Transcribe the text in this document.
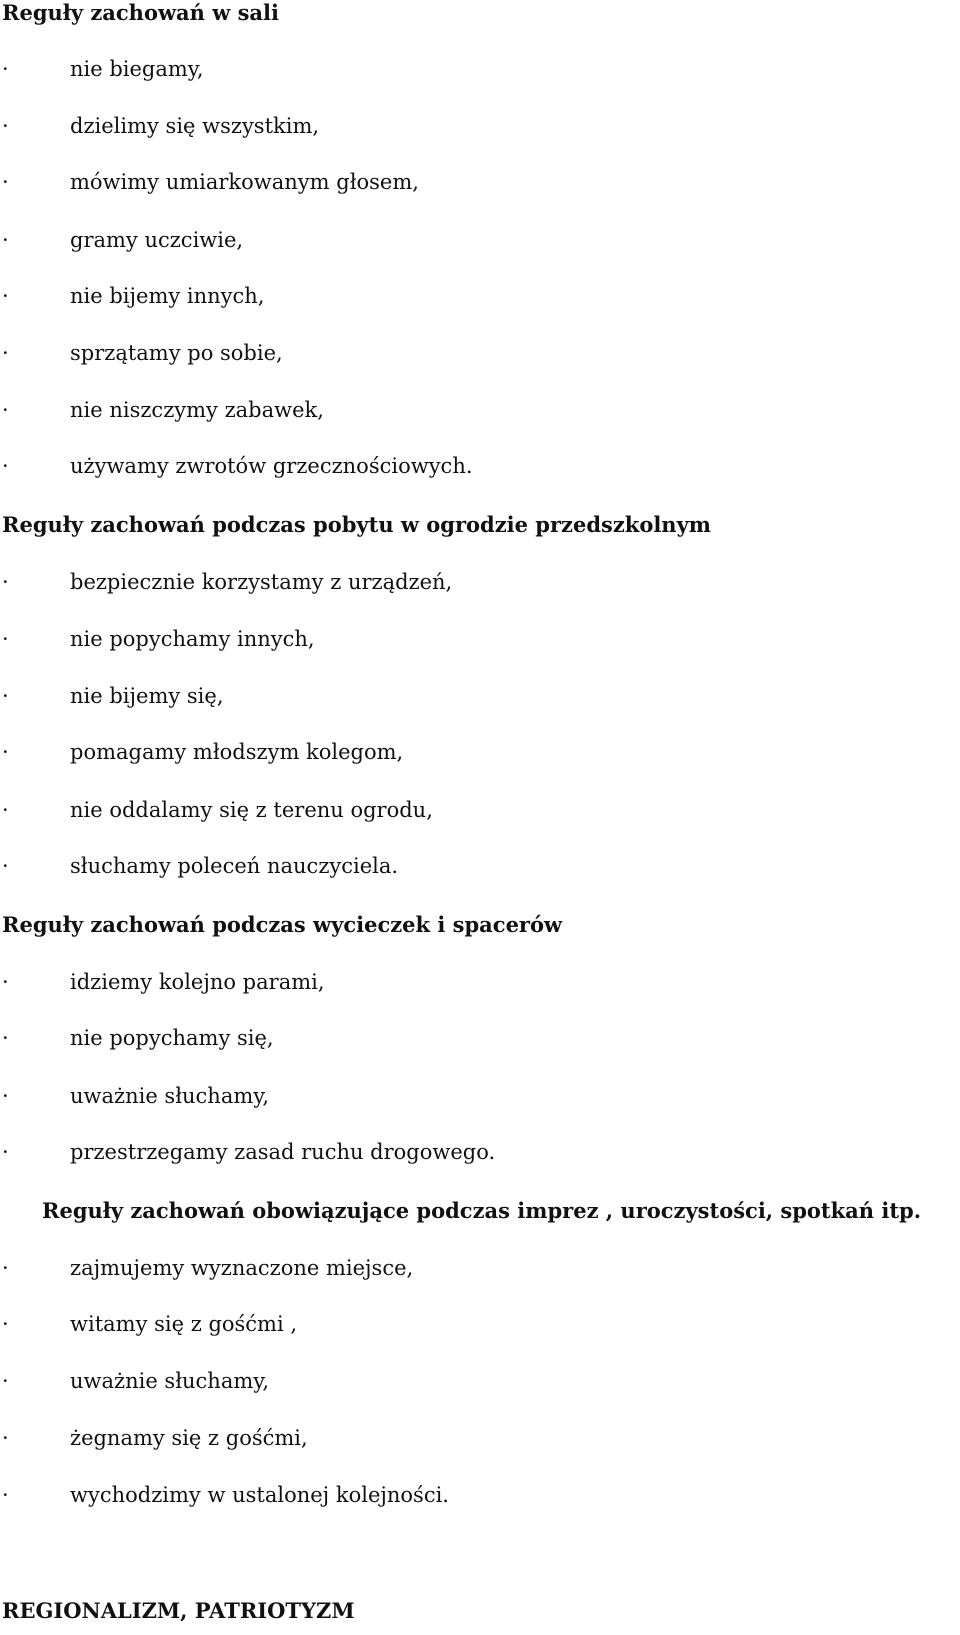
Reguły zachowań w sali
·	nie biegamy,
·	dzielimy się wszystkim,
·	mówimy umiarkowanym głosem,
·	gramy uczciwie,
·	nie bijemy innych,
·	sprzątamy po sobie,
·	nie niszczymy zabawek,
·	używamy zwrotów grzecznościowych.
Reguły zachowań podczas pobytu w ogrodzie przedszkolnym
·	bezpiecznie korzystamy z urządzeń,
·	nie popychamy innych,
·	nie bijemy się,
·	pomagamy młodszym kolegom,
·	nie oddalamy się z terenu ogrodu,
·	słuchamy poleceń nauczyciela.
Reguły zachowań podczas wycieczek i spacerów
·	idziemy kolejno parami,
·	nie popychamy się,
·	uważnie słuchamy,
·	przestrzegamy zasad ruchu drogowego.
Reguły zachowań obowiązujące podczas imprez , uroczystości, spotkań itp.
·	zajmujemy wyznaczone miejsce,
·	witamy się z gośćmi ,
·	uważnie słuchamy,
·	żegnamy się z gośćmi,
·	wychodzimy w ustalonej kolejności.
REGIONALIZM, PATRIOTYZM
